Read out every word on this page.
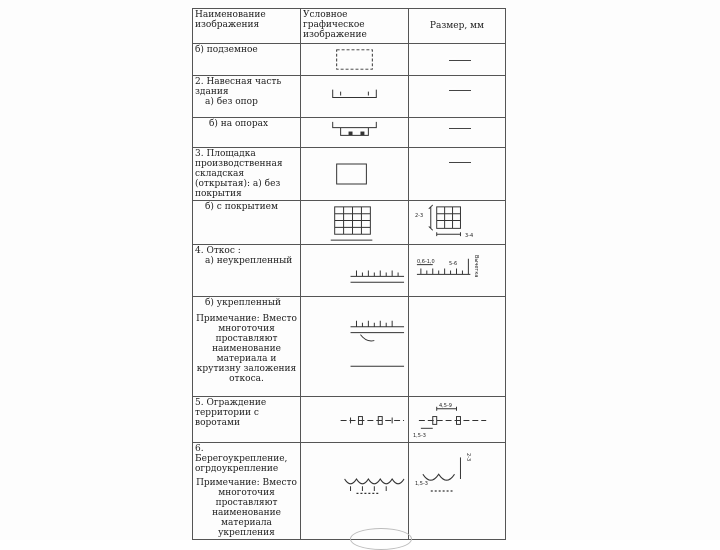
Наименование изображения	Условное графическое изображение	Размер, мм
б) подземное		—

2. Навесная часть здания
а) без опор		—

б) на опорах		—

3. Площадка производственная складская (открытая): а) без покрытия		—

б) с покрытием		2-3
3-4

4. Откос :
а) неукрепленный		0,6-1,0 Вычетка
5-6

б) укрепленный
Примечание: Вместо многоточия проставляют наименование материала и крутизну заложения откоса.

5. Ограждение территории с воротами		4,5-9
1,5-3

6. Берегоукрепление, огрдоукрепление
Примечание: Вместо многоточия проставляют наименование материала укрепления		2-3
1,5-3
